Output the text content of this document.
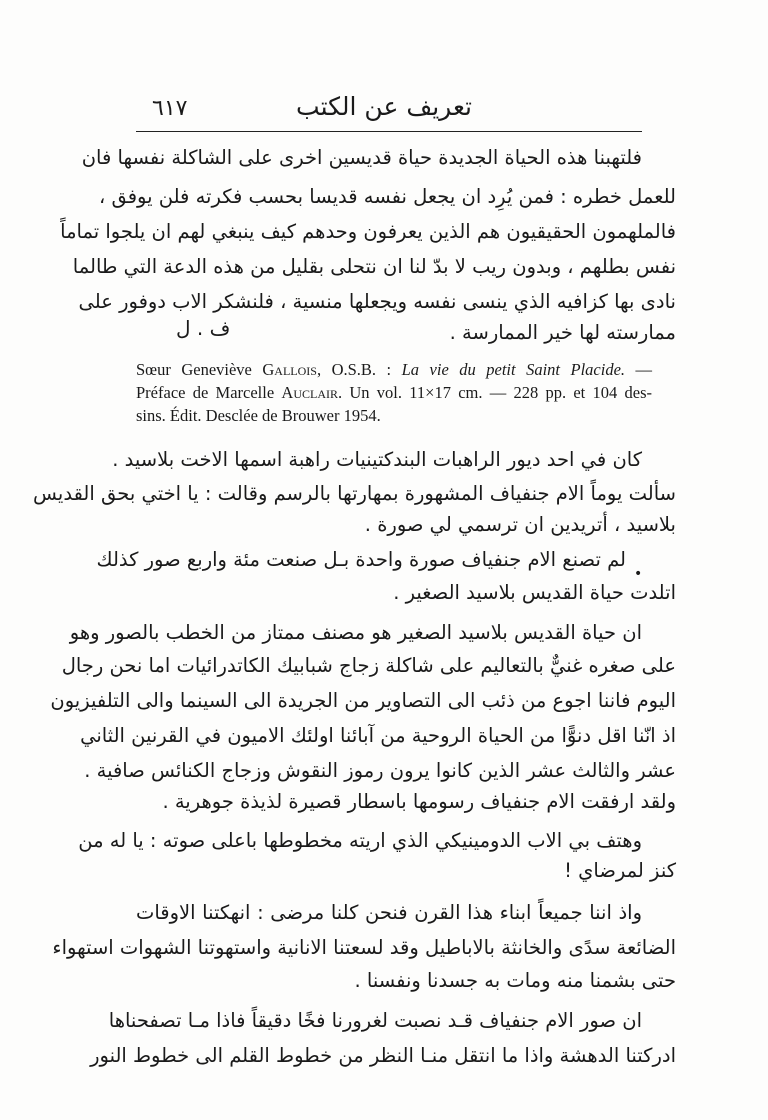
تعريف عن الكتب
٦١٧
فلتهبنا هذه الحياة الجديدة حياة قديسين اخرى على الشاكلة نفسها فان
للعمل خطره : فمن يُرِد ان يجعل نفسه قديسا بحسب فكرته فلن يوفق ،
فالملهمون الحقيقيون هم الذين يعرفون وحدهم كيف ينبغي لهم ان يلجوا تماماً
نفس بطلهم ، وبدون ريب لا بدّ لنا ان نتحلى بقليل من هذه الدعة التي طالما
نادى بها كزافيه الذي ينسى نفسه ويجعلها منسية ، فلنشكر الاب دوفور على
ممارسته لها خير الممارسة .
ف . ل
Sœur Geneviève Gallois, O.S.B. : La vie du petit Saint Placide. —
Préface de Marcelle Auclair. Un vol. 11×17 cm. — 228 pp. et 104 des-
sins. Édit. Desclée de Brouwer 1954.
كان في احد ديور الراهبات البندكتينيات راهبة اسمها الاخت بلاسيد .
سألت يوماً الام جنفياف المشهورة بمهارتها بالرسم وقالت : يا اختي بحق القديس
بلاسيد ، أتريدين ان ترسمي لي صورة .
•
لم تصنع الام جنفياف صورة واحدة بـل صنعت مئة واربع صور كذلك
اتلدت حياة القديس بلاسيد الصغير .
ان حياة القديس بلاسيد الصغير هو مصنف ممتاز من الخطب بالصور وهو
على صغره غنيٌّ بالتعاليم على شاكلة زجاج شبابيك الكاتدرائيات اما نحن رجال
اليوم فاننا اجوع من ذئب الى التصاوير من الجريدة الى السينما والى التلفيزيون
اذ انّنا اقل دنوًّا من الحياة الروحية من آبائنا اولئك الاميون في القرنين الثاني
عشر والثالث عشر الذين كانوا يرون رموز النقوش وزجاج الكنائس صافية .
ولقد ارفقت الام جنفياف رسومها باسطار قصيرة لذيذة جوهرية .
وهتف بي الاب الدومينيكي الذي اريته مخطوطها باعلى صوته : يا له من
كنز لمرضاي !
واذ اننا جميعاً ابناء هذا القرن فنحن كلنا مرضى : انهكتنا الاوقات
الضائعة سدًى والخانثة بالاباطيل وقد لسعتنا الانانية واستهوتنا الشهوات استهواء
حتى بشمنا منه ومات به جسدنا ونفسنا .
ان صور الام جنفياف قـد نصبت لغرورنا فخًا دقيقاً فاذا مـا تصفحناها
ادركتنا الدهشة واذا ما انتقل منـا النظر من خطوط القلم الى خطوط النور
